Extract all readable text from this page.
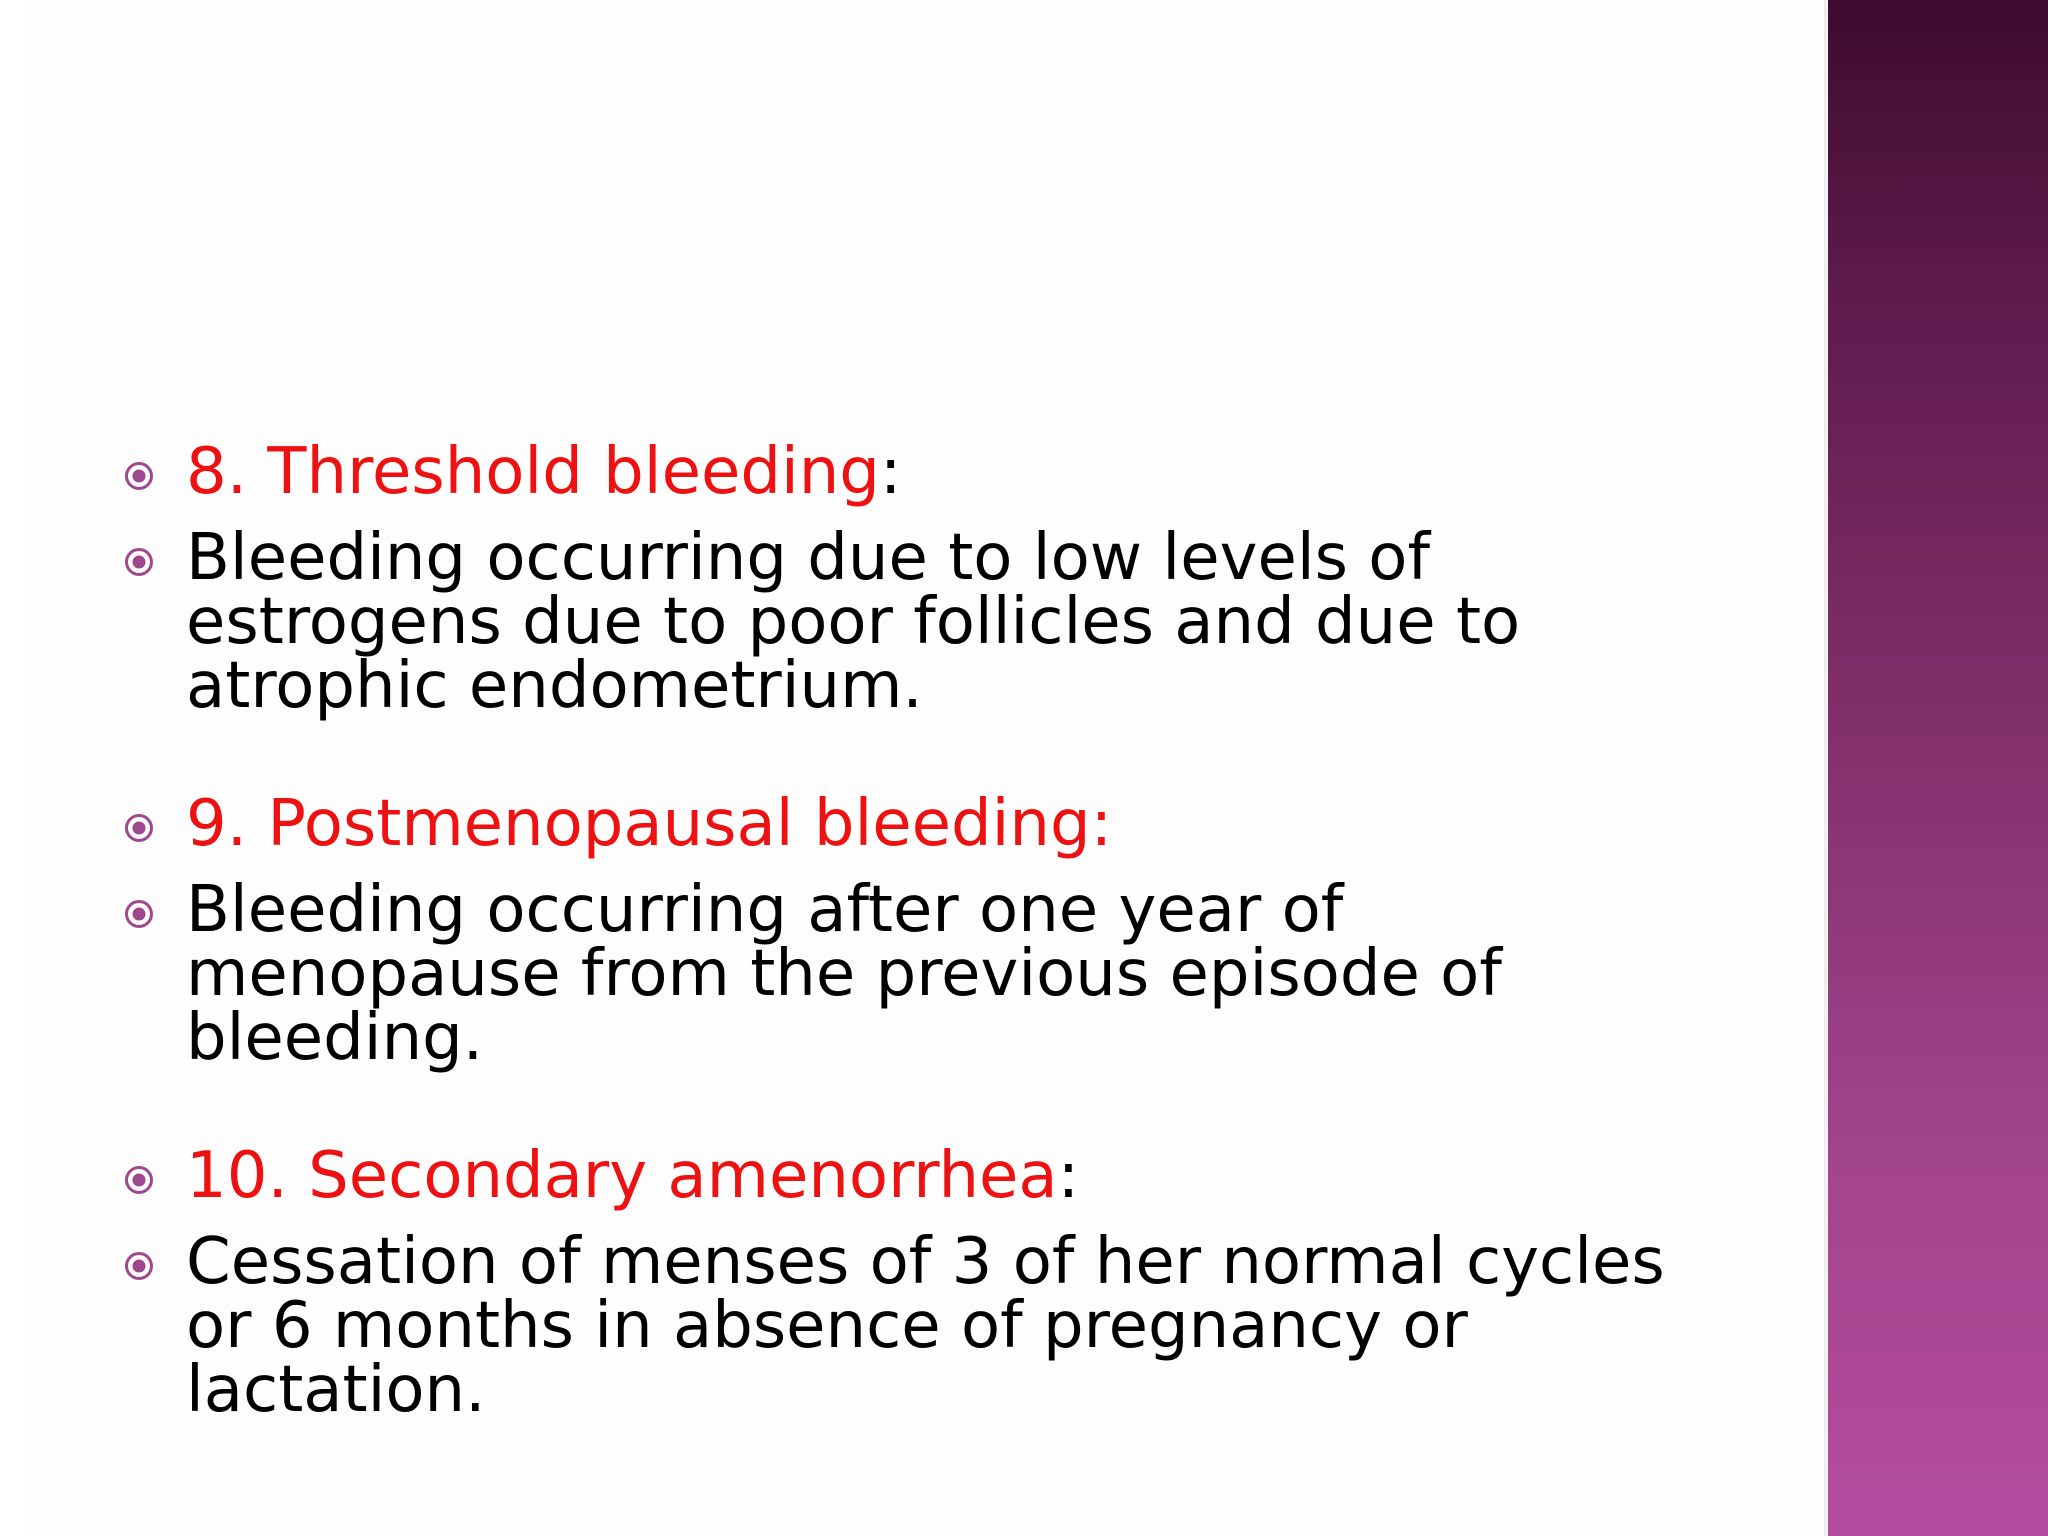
8. Threshold bleeding:
Bleeding occurring due to low levels of estrogens due to poor follicles and due to atrophic endometrium.
9. Postmenopausal bleeding:
Bleeding occurring after one year of menopause from the previous episode of bleeding.
10. Secondary amenorrhea:
Cessation of menses of 3 of her normal cycles or 6 months in absence of pregnancy or lactation.
